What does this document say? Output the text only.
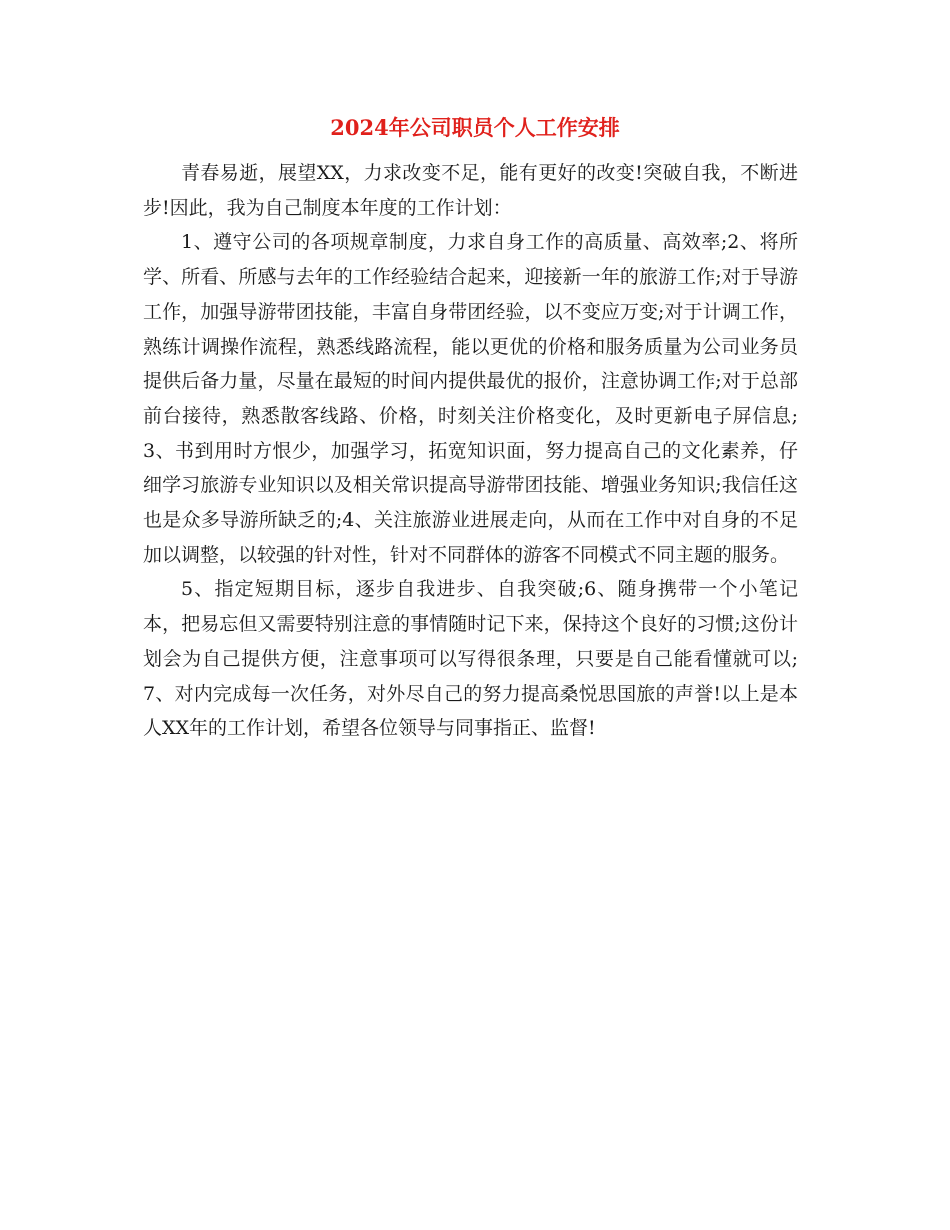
2024年公司职员个人工作安排

青春易逝，展望XX，力求改变不足，能有更好的改变!突破自我，不断进步!因此，我为自己制度本年度的工作计划：

1、遵守公司的各项规章制度，力求自身工作的高质量、高效率;2、将所学、所看、所感与去年的工作经验结合起来，迎接新一年的旅游工作;对于导游工作，加强导游带团技能，丰富自身带团经验，以不变应万变;对于计调工作，熟练计调操作流程，熟悉线路流程，能以更优的价格和服务质量为公司业务员提供后备力量，尽量在最短的时间内提供最优的报价，注意协调工作;对于总部前台接待，熟悉散客线路、价格，时刻关注价格变化，及时更新电子屏信息;3、书到用时方恨少，加强学习，拓宽知识面，努力提高自己的文化素养，仔细学习旅游专业知识以及相关常识提高导游带团技能、增强业务知识;我信任这也是众多导游所缺乏的;4、关注旅游业进展走向，从而在工作中对自身的不足加以调整，以较强的针对性，针对不同群体的游客不同模式不同主题的服务。

5、指定短期目标，逐步自我进步、自我突破;6、随身携带一个小笔记本，把易忘但又需要特别注意的事情随时记下来，保持这个良好的习惯;这份计划会为自己提供方便，注意事项可以写得很条理，只要是自己能看懂就可以;7、对内完成每一次任务，对外尽自己的努力提高桑悦思国旅的声誉!以上是本人XX年的工作计划，希望各位领导与同事指正、监督!
